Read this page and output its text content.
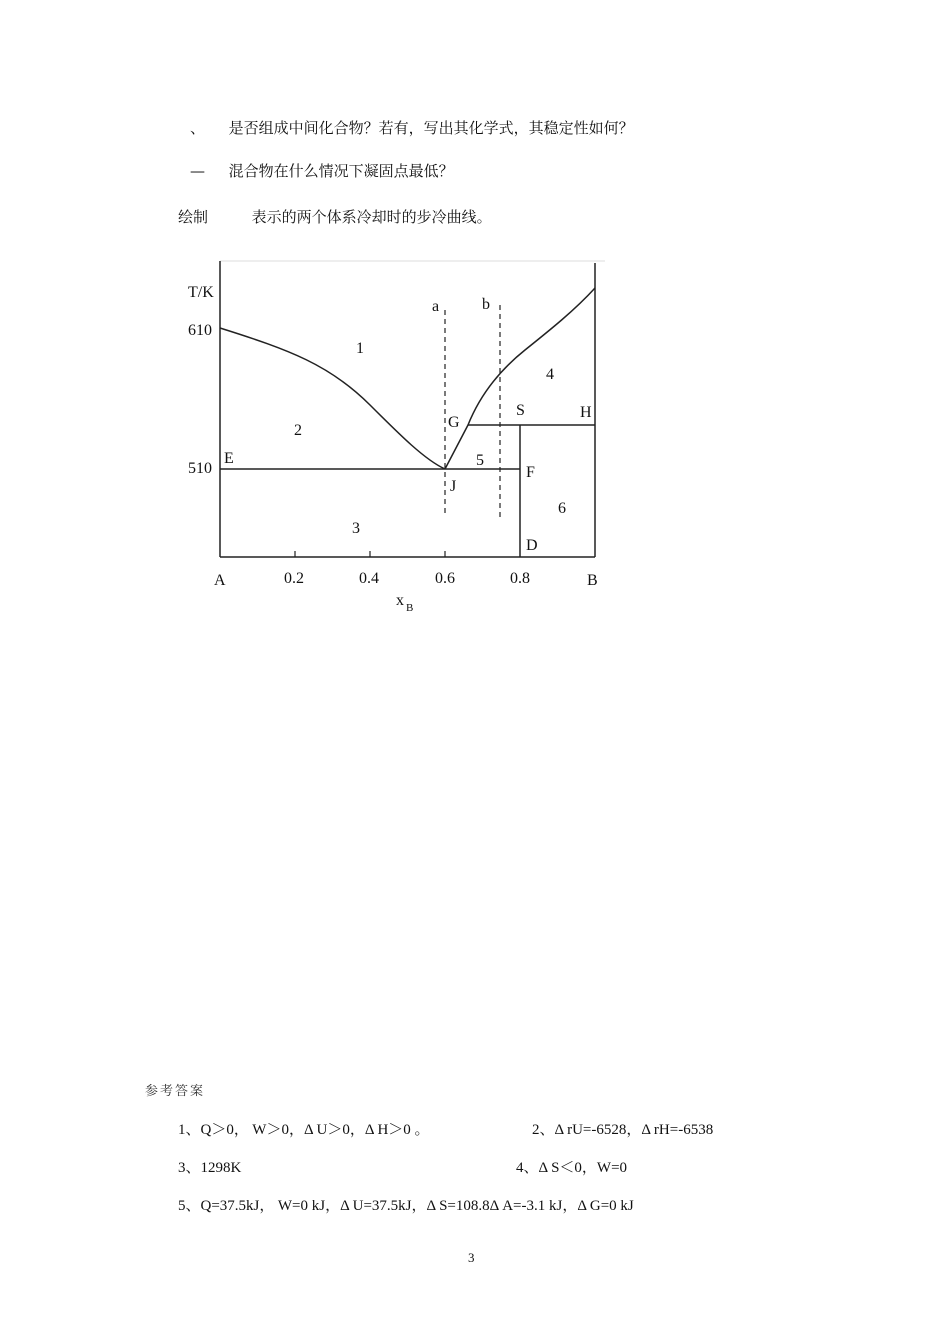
、 是否组成中间化合物？若有，写出其化学式，其稳定性如何？
— 混合物在什么情况下凝固点最低？
绘制	表示的两个体系冷却时的步冷曲线。
T/K
610
510
A	0.2	0.4	0.6	0.8	B
x $_B$
a	b
E
G
S	H
J
F
D
1
2
3
4
5
6
参考答案
1、Q＞0， W＞0，Δ U＞0，Δ H＞0 。	2、Δ rU=-6528，Δ rH=-6538
3、1298K	4、Δ S＜0，W=0
5、Q=37.5kJ， W=0 kJ，Δ U=37.5kJ，Δ S=108.8Δ A=-3.1 kJ，Δ G=0 kJ
3
